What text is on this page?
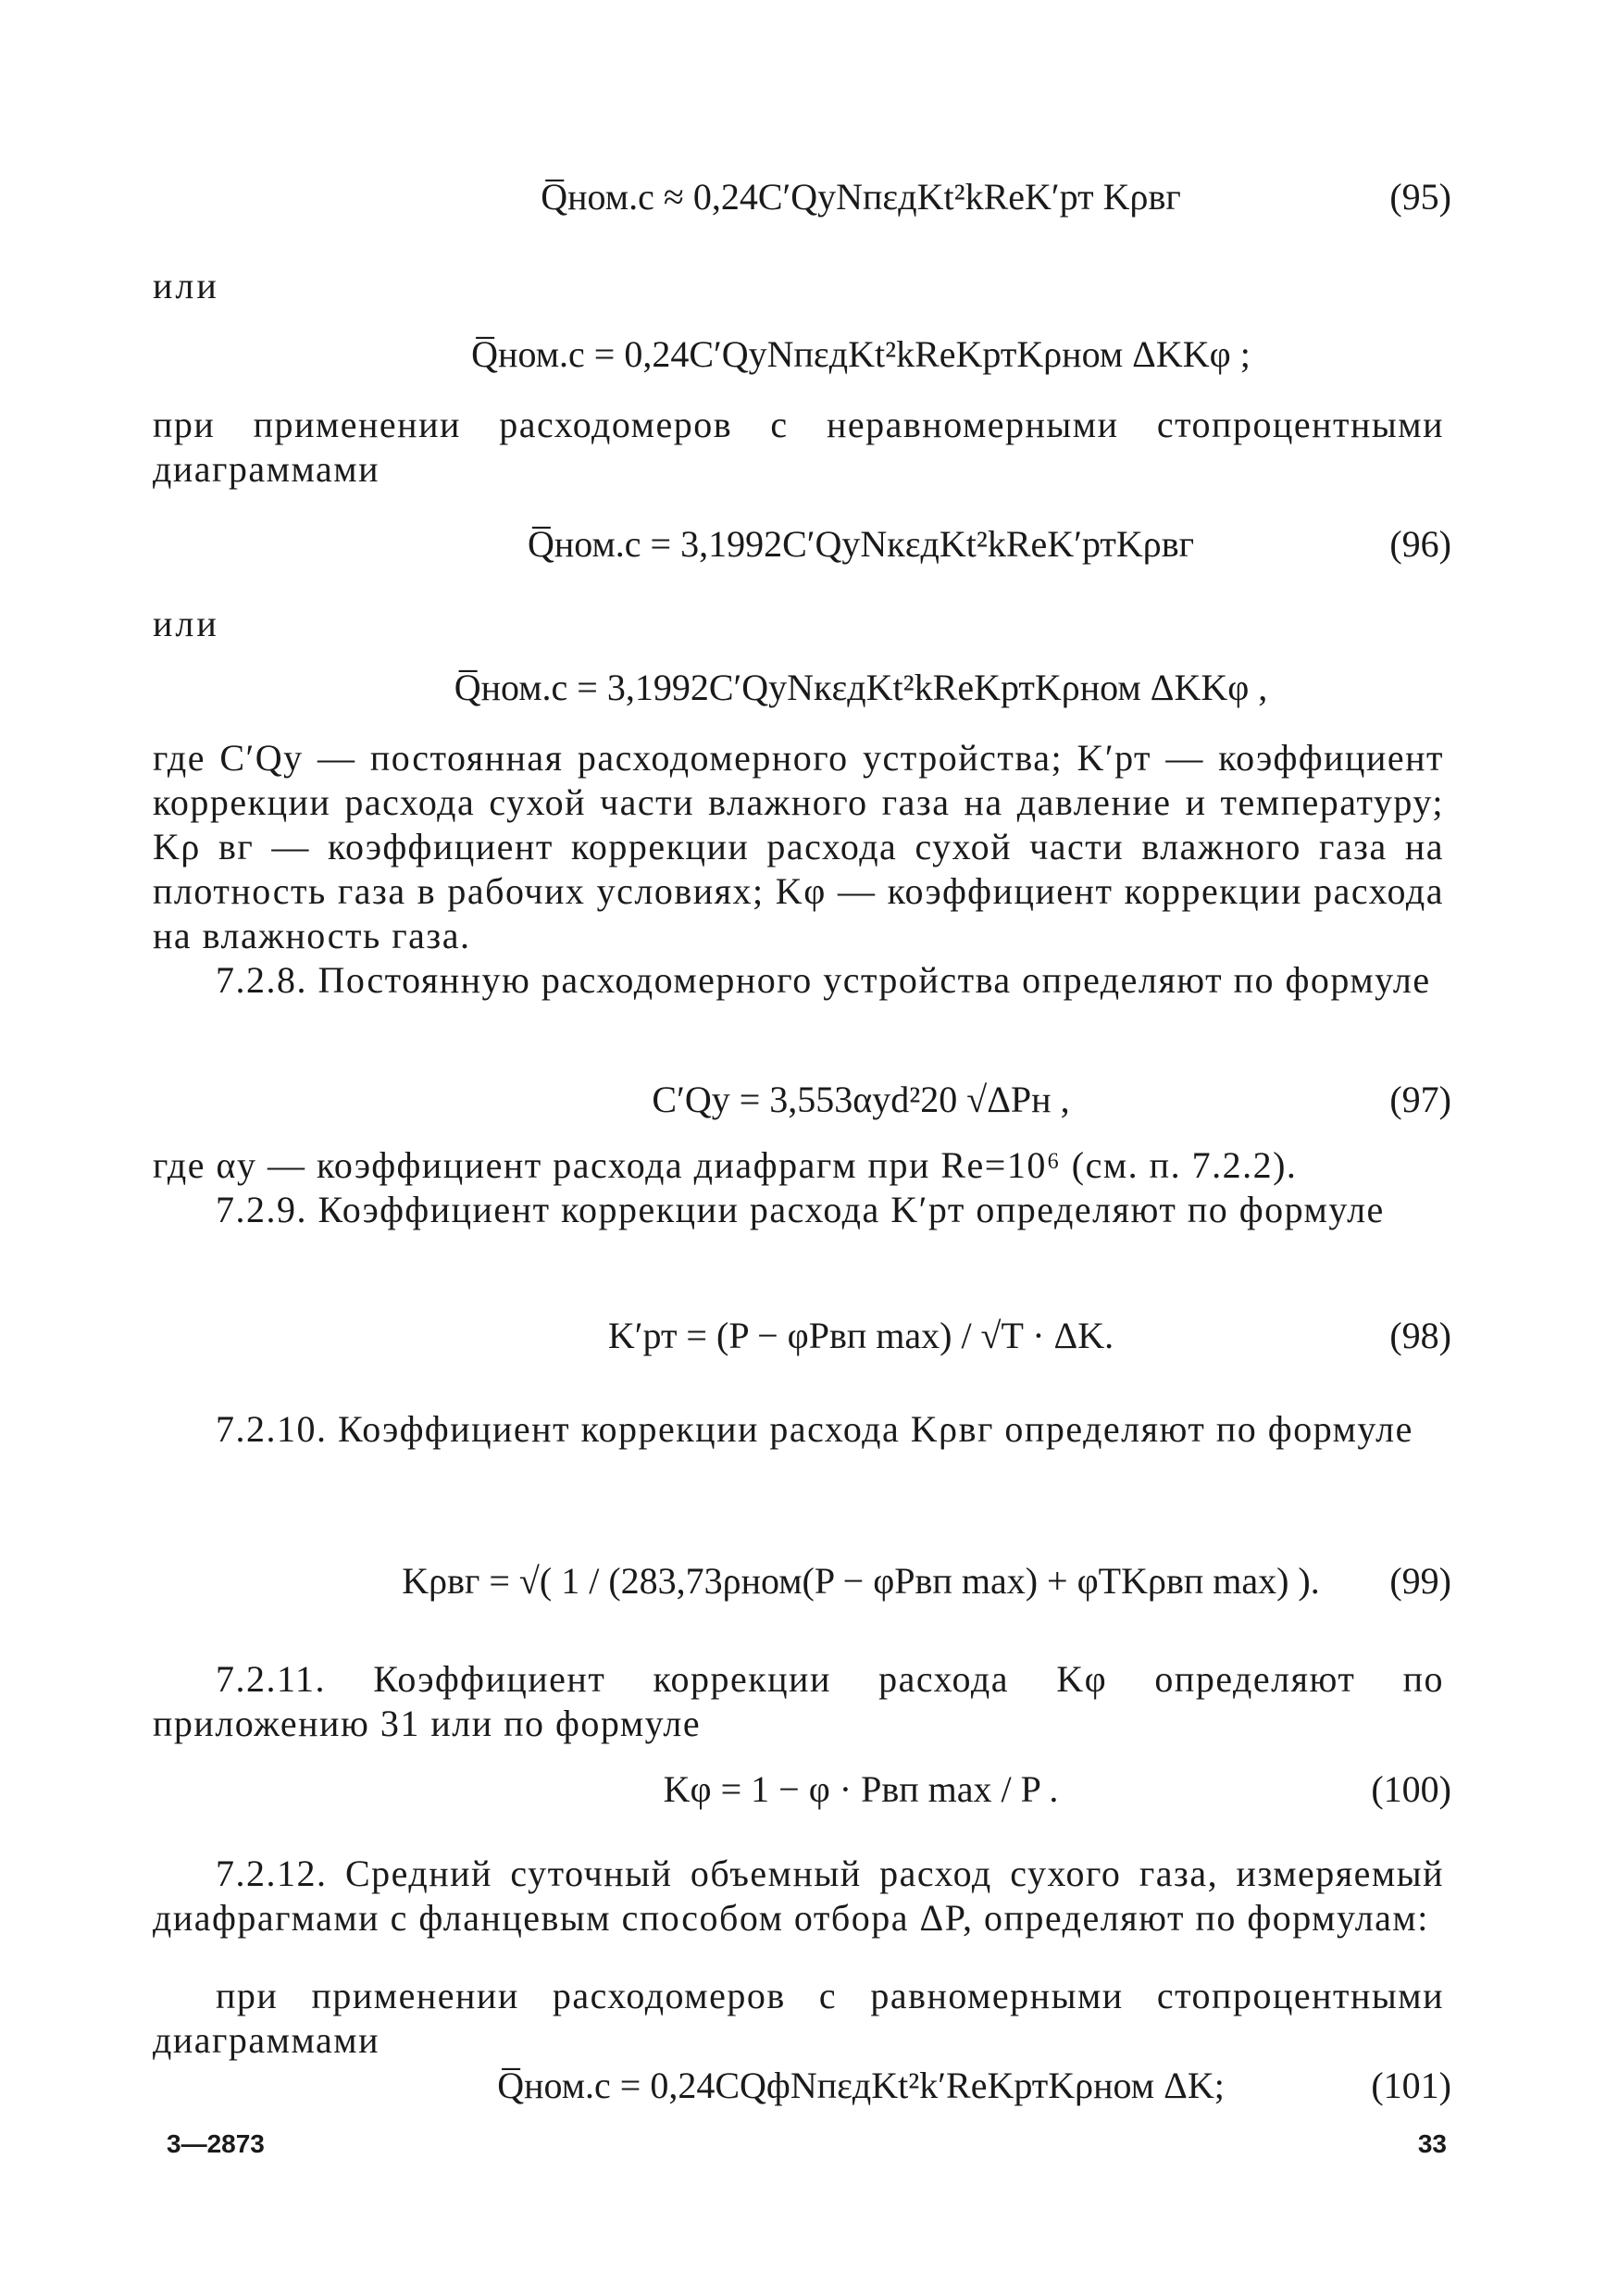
Q̅ном.с ≈ 0,24C′QуNпεдKt²kReK′рт Kρвг	(95)
или
Q̅ном.с = 0,24C′QуNпεдKt²kReKртKρном ΔKKφ ;
при применении расходомеров с неравномерными стопроцентными диаграммами
Q̅ном.с = 3,1992C′QуNкεдKt²kReK′ртKρвг	(96)
или
Q̅ном.с = 3,1992C′QуNкεдKt²kReKртKρном ΔKKφ ,
где C′Qу — постоянная расходомерного устройства; K′рт — коэффициент коррекции расхода сухой части влажного газа на давление и температуру; Kρ вг — коэффициент коррекции расхода сухой части влажного газа на плотность газа в рабочих условиях; Kφ — коэффициент коррекции расхода на влажность газа.
7.2.8. Постоянную расходомерного устройства определяют по формуле
C′Qу = 3,553αуd²20 √ΔPн ,	(97)
где αу — коэффициент расхода диафрагм при Re=10⁶ (см. п. 7.2.2).
7.2.9. Коэффициент коррекции расхода K′рт определяют по формуле
K′рт = (P − φPвп max) / √T · ΔK.	(98)
7.2.10. Коэффициент коррекции расхода Kρвг определяют по формуле
Kρвг = √( 1 / (283,73ρном(P − φPвп max) + φTKρвп max) ).	(99)
7.2.11. Коэффициент коррекции расхода Kφ определяют по приложению 31 или по формуле
Kφ = 1 − φ · Pвп max / P .	(100)
7.2.12. Средний суточный объемный расход сухого газа, измеряемый диафрагмами с фланцевым способом отбора ΔP, определяют по формулам:
при применении расходомеров с равномерными стопроцентными диаграммами
Q̅ном.с = 0,24CQфNпεдKt²k′ReKртKρном ΔK;	(101)
3—2873	33
